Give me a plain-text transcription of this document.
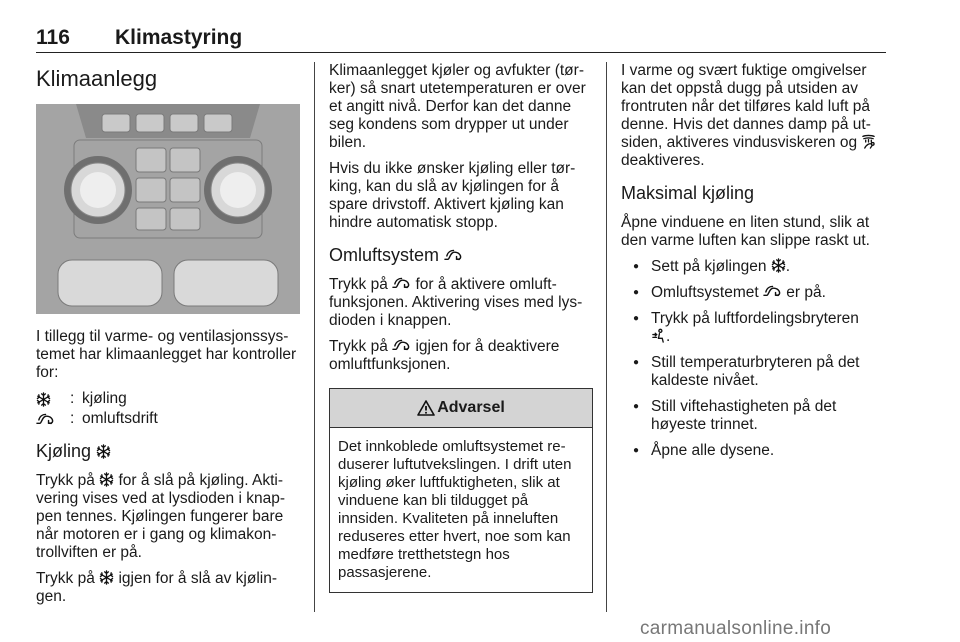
116 Klimastyring
Klimaanlegg

I tillegg til varme- og ventilasjonssystemet har klimaanlegget har kontroller for:

: kjøling
: omluftsdrift
Kjøling

Trykk på for å slå på kjøling. Aktivering vises ved at lysdioden i knappen tennes. Kjølingen fungerer bare når motoren er i gang og klimakontrollviften er på.

Trykk på igjen for å slå av kjølingen.

Klimaanlegget kjøler og avfukter (tørker) så snart utetemperaturen er over et angitt nivå. Derfor kan det danne seg kondens som drypper ut under bilen.

Hvis du ikke ønsker kjøling eller tørking, kan du slå av kjølingen for å spare drivstoff. Aktivert kjøling kan hindre automatisk stopp.

Omluftsystem

Trykk på for å aktivere omluftfunksjonen. Aktivering vises med lysdioden i knappen.

Trykk på igjen for å deaktivere omluftfunksjonen.

Advarsel
Det innkoblede omluftsystemet reduserer luftutvekslingen. I drift uten kjøling øker luftfuktigheten, slik at vinduene kan bli tildugget på innsiden. Kvaliteten på inneluften reduseres etter hvert, noe som kan medføre tretthetstegn hos passasjerene.

I varme og svært fuktige omgivelser kan det oppstå dugg på utsiden av frontruten når det tilføres kald luft på denne. Hvis det dannes damp på utsiden, aktiveres vindusviskeren og  deaktiveres.

Maksimal kjøling

Åpne vinduene en liten stund, slik at den varme luften kan slippe raskt ut.

● Sett på kjølingen .
● Omluftsystemet er på.
● Trykk på luftfordelingsbryteren
.
● Still temperaturbryteren på det kaldeste nivået.
● Still viftehastigheten på det høyeste trinnet.
● Åpne alle dysene.
carmanualsonline.info
